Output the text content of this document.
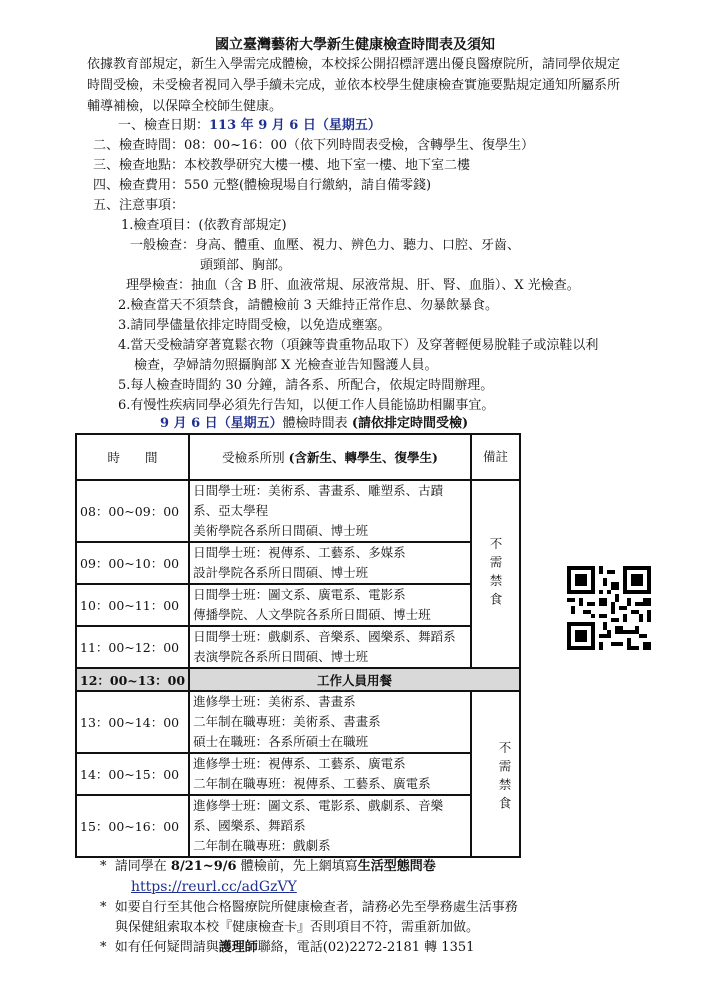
國立臺灣藝術大學新生健康檢查時間表及須知
依據教育部規定，新生入學需完成體檢，本校採公開招標評選出優良醫療院所，請同學依規定時間受檢，未受檢者視同入學手續未完成，並依本校學生健康檢查實施要點規定通知所屬系所輔導補檢，以保障全校師生健康。
一、檢查日期：113 年 9 月 6 日（星期五）
二、檢查時間：08：00~16：00（依下列時間表受檢，含轉學生、復學生）
三、檢查地點：本校教學研究大樓一樓、地下室一樓、地下室二樓
四、檢查費用：550 元整(體檢現場自行繳納，請自備零錢)
五、注意事項：
1.檢查項目：(依教育部規定)
一般檢查：身高、體重、血壓、視力、辨色力、聽力、口腔、牙齒、
頭頸部、胸部。
理學檢查：抽血（含 B 肝、血液常規、尿液常規、肝、腎、血脂）、X 光檢查。
2.檢查當天不須禁食，請體檢前 3 天維持正常作息、勿暴飲暴食。
3.請同學儘量依排定時間受檢，以免造成壅塞。
4.當天受檢請穿著寬鬆衣物（項鍊等貴重物品取下）及穿著輕便易脫鞋子或涼鞋以利
檢查，孕婦請勿照攝胸部 X 光檢查並告知醫護人員。
5.每人檢查時間約 30 分鐘，請各系、所配合，依規定時間辦理。
6.有慢性疾病同學必須先行告知，以便工作人員能協助相關事宜。
9 月 6 日（星期五）體檢時間表 (請依排定時間受檢)
時　　間	受檢系所別 (含新生、轉學生、復學生)	備註
08：00~09：00	日間學士班：美術系、書畫系、雕塑系、古蹟系、亞太學程
美術學院各系所日間碩、博士班	不需禁食
09：00~10：00	日間學士班：視傳系、工藝系、多媒系
設計學院各系所日間碩、博士班	

10：00~11：00	日間學士班：圖文系、廣電系、電影系
傳播學院、人文學院各系所日間碩、博士班	

11：00~12：00	日間學士班：戲劇系、音樂系、國樂系、舞蹈系
表演學院各系所日間碩、博士班	

12：00~13：00	工作人員用餐	
13：00~14：00	進修學士班：美術系、書畫系
二年制在職專班：美術系、書畫系
碩士在職班：各系所碩士在職班	不需禁食
14：00~15：00	進修學士班：視傳系、工藝系、廣電系
二年制在職專班：視傳系、工藝系、廣電系	

15：00~16：00	進修學士班：圖文系、電影系、戲劇系、音樂系、國樂系、舞蹈系
二年制在職專班：戲劇系	
* 請同學在 8/21~9/6 體檢前，先上網填寫生活型態問卷
https://reurl.cc/adGzVY
* 如要自行至其他合格醫療院所健康檢查者，請務必先至學務處生活事務
與保健組索取本校『健康檢查卡』否則項目不符，需重新加做。
* 如有任何疑問請與護理師聯絡，電話(02)2272-2181 轉 1351
